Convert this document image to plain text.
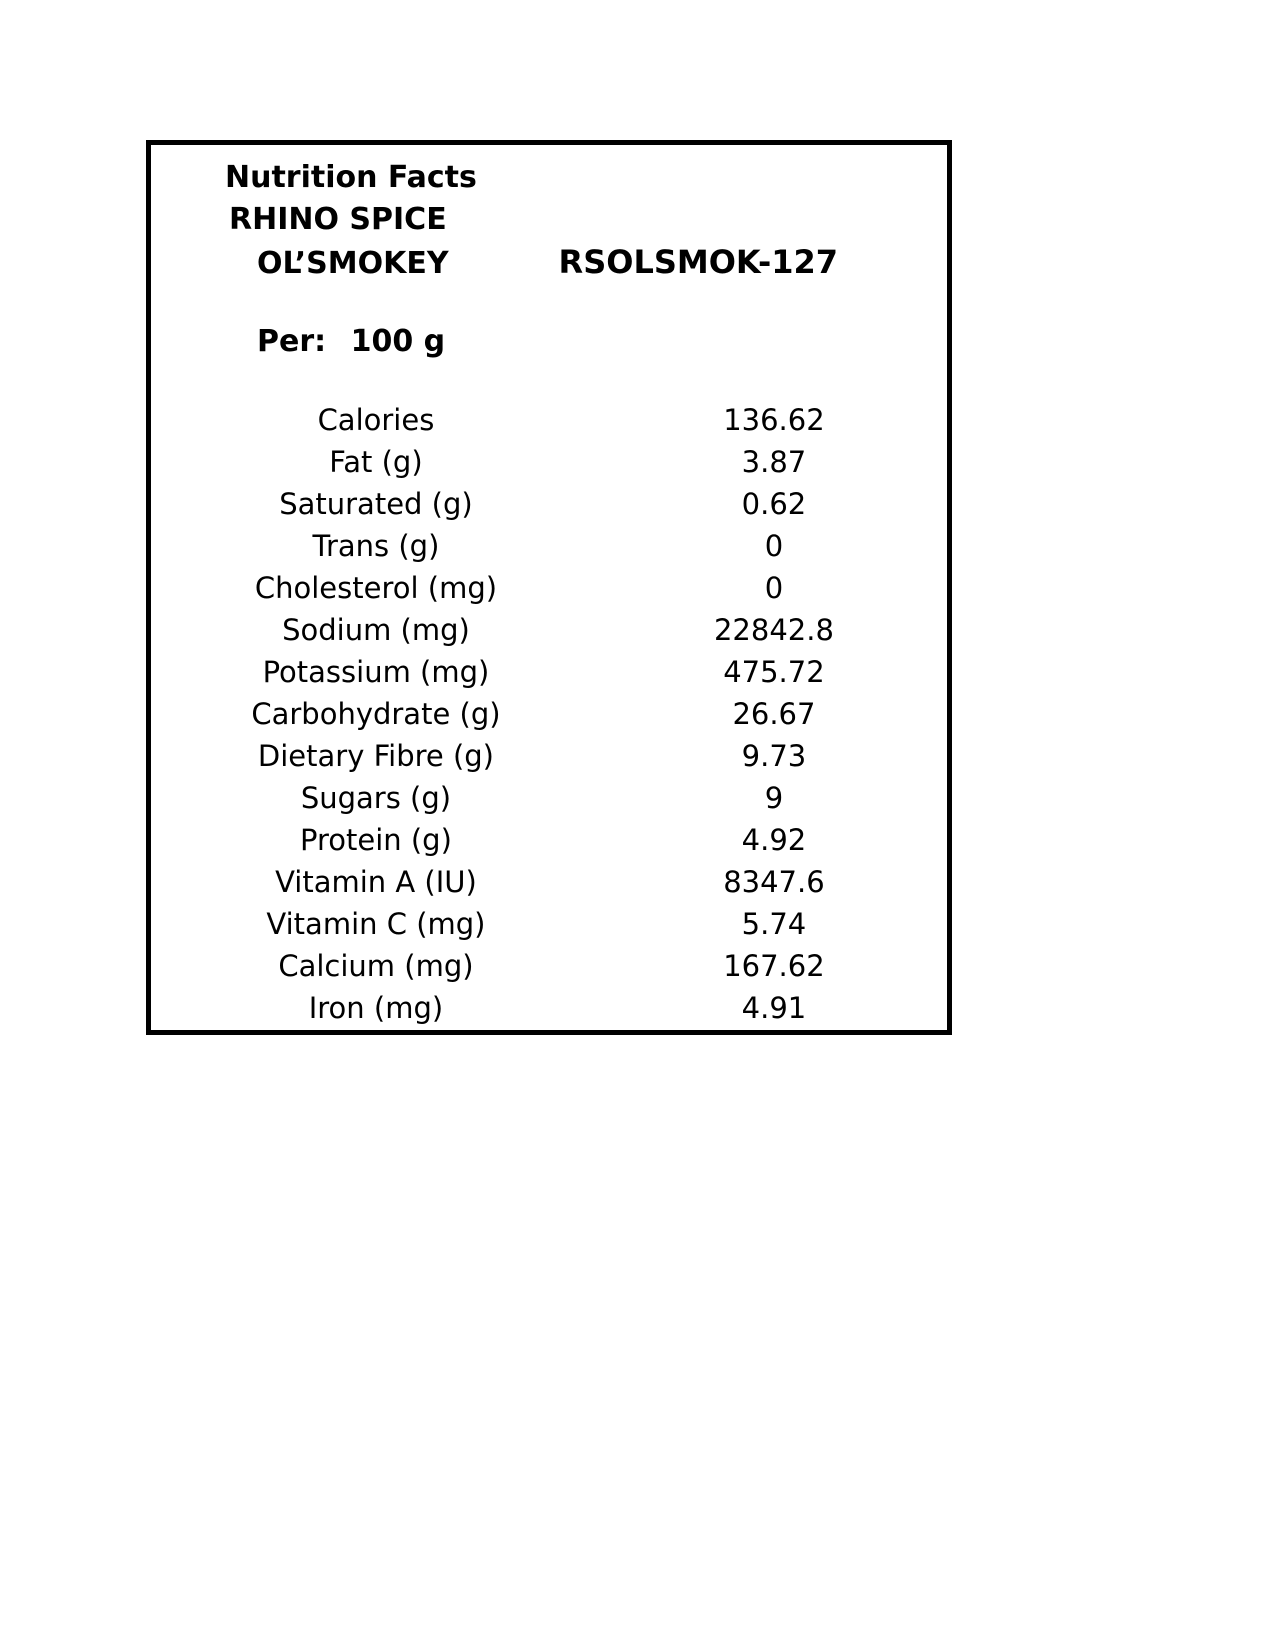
Nutrition Facts
RHINO SPICE
OL’SMOKEY	RSOLSMOK-127
Per: 100 g
Calories	136.62
Fat (g)	3.87
Saturated (g)	0.62
Trans (g)	0
Cholesterol (mg)	0
Sodium (mg)	22842.8
Potassium (mg)	475.72
Carbohydrate (g)	26.67
Dietary Fibre (g)	9.73
Sugars (g)	9
Protein (g)	4.92
Vitamin A (IU)	8347.6
Vitamin C (mg)	5.74
Calcium (mg)	167.62
Iron (mg)	4.91
